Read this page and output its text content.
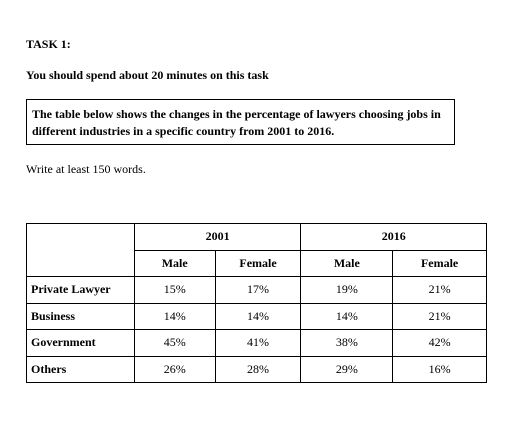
TASK 1:
You should spend about 20 minutes on this task
The table below shows the changes in the percentage of lawyers choosing jobs in different industries in a specific country from 2001 to 2016.
Write at least 150 words.
	2001		2016	
	Male	Female	Male	Female
Private Lawyer	15%	17%	19%	21%
Business	14%	14%	14%	21%
Government	45%	41%	38%	42%
Others	26%	28%	29%	16%
